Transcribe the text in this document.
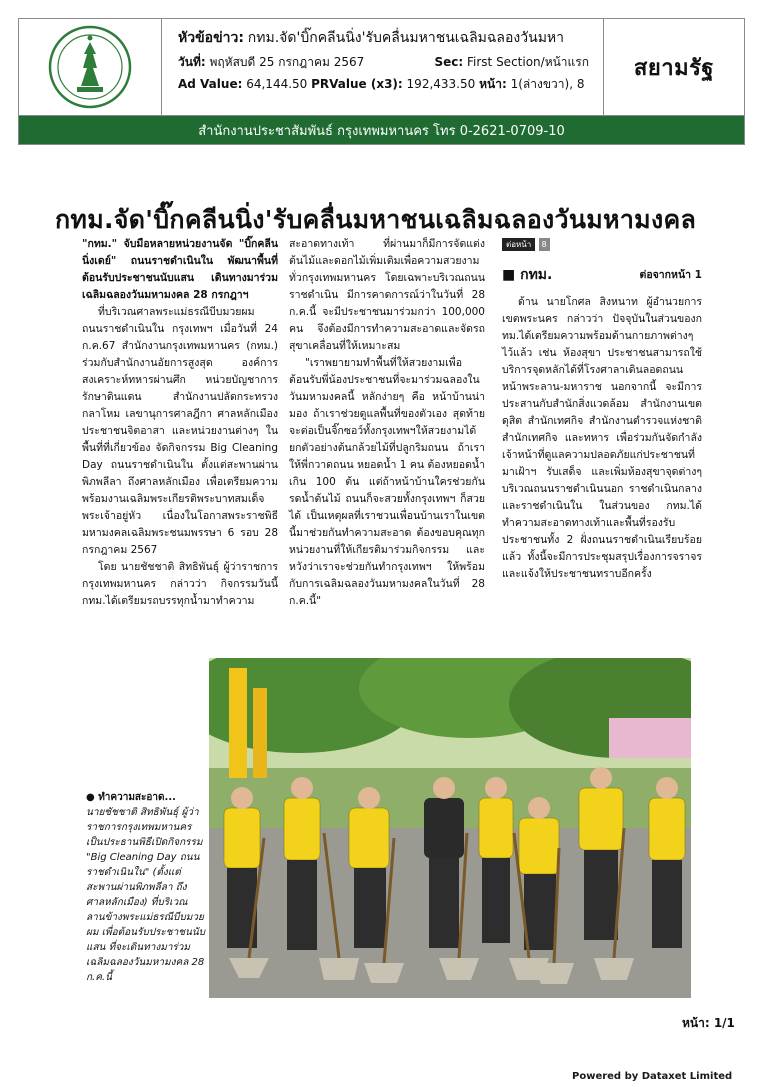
หัวข้อข่าว: กทม.จัด'บิ๊กคลีนนิ่ง'รับคลื่นมหาชนเฉลิมฉลองวันมหา
วันที่: พฤหัสบดี 25 กรกฎาคม 2567	Sec: First Section/หน้าแรก
Ad Value: 64,144.50 PRValue (x3): 192,433.50 หน้า: 1(ล่างขวา), 8
สยามรัฐ
สำนักงานประชาสัมพันธ์ กรุงเทพมหานคร โทร 0-2621-0709-10
กทม.จัด'บิ๊กคลีนนิ่ง'รับคลื่นมหาชนเฉลิมฉลองวันมหามงคล

"กทม." จับมือหลายหน่วยงานจัด "บิ๊กคลีนนิ่งเดย์" ถนนราชดำเนินใน พัฒนาพื้นที่ต้อนรับประชาชนนับแสน เดินทางมาร่วมเฉลิมฉลองวันมหามงคล 28 กรกฎาฯ

ที่บริเวณศาลพระแม่ธรณีบีบมวยผม ถนนราชดำเนินใน กรุงเทพฯ เมื่อวันที่ 24 ก.ค.67 สำนักงานกรุงเทพมหานคร (กทม.) ร่วมกับสำนักงานอัยการสูงสุด องค์การสงเคราะห์ทหารผ่านศึก หน่วยบัญชาการรักษาดินแดน สำนักงานปลัดกระทรวงกลาโหม เลขานุการศาลฎีกา ศาลหลักเมือง ประชาชนจิตอาสา และหน่วยงานต่างๆ ในพื้นที่ที่เกี่ยวข้อง จัดกิจกรรม Big Cleaning Day ถนนราชดำเนินใน ตั้งแต่สะพานผ่านพิภพลีลา ถึงศาลหลักเมือง เพื่อเตรียมความพร้อมงานเฉลิมพระเกียรติพระบาทสมเด็จพระเจ้าอยู่หัว เนื่องในโอกาสพระราชพิธีมหามงคลเฉลิมพระชนมพรรษา 6 รอบ 28 กรกฎาคม 2567

โดย นายชัชชาติ สิทธิพันธุ์ ผู้ว่าราชการกรุงเทพมหานคร กล่าวว่า กิจกรรมวันนี้ กทม.ได้เตรียมรถบรรทุกน้ำมาทำความ

สะอาดทางเท้า ที่ผ่านมาก็มีการจัดแต่งต้นไม้และดอกไม้เพิ่มเติมเพื่อความสวยงามทั่วกรุงเทพมหานคร โดยเฉพาะบริเวณถนนราชดำเนิน มีการคาดการณ์ว่าในวันที่ 28 ก.ค.นี้ จะมีประชาชนมาร่วมกว่า 100,000 คน จึงต้องมีการทำความสะอาดและจัดรถสุขาเคลื่อนที่ให้เหมาะสม

"เราพยายามทำพื้นที่ให้สวยงามเพื่อต้อนรับพี่น้องประชาชนที่จะมาร่วมฉลองในวันมหามงคลนี้ หลักง่ายๆ คือ หน้าบ้านน่ามอง ถ้าเราช่วยดูแลพื้นที่ของตัวเอง สุดท้ายจะต่อเป็นจิ๊กซอว์ทั้งกรุงเทพฯให้สวยงามได้ ยกตัวอย่างต้นกล้วยไม้ที่ปลูกริมถนน ถ้าเราให้พี่กวาดถนน หยอดน้ำ 1 คน ต้องหยอดน้ำเกิน 100 ต้น แต่ถ้าหน้าบ้านใครช่วยกันรดน้ำต้นไม้ ถนนก็จะสวยทั้งกรุงเทพฯ ก็สวยได้ เป็นเหตุผลที่เราชวนเพื่อนบ้านเราในเขตนี้มาช่วยกันทำความสะอาด ต้องขอบคุณทุกหน่วยงานที่ให้เกียรติมาร่วมกิจกรรม และหวังว่าเราจะช่วยกันทำกรุงเทพฯ ให้พร้อมกับการเฉลิมฉลองวันมหามงคลในวันที่ 28 ก.ค.นี้"

ต่อหน้า 8
■ กทม.	ต่อจากหน้า 1

ด้าน นายโกศล สิงหนาท ผู้อำนวยการเขตพระนคร กล่าวว่า ปัจจุบันในส่วนของกทม.ได้เตรียมความพร้อมด้านกายภาพต่างๆ ไว้แล้ว เช่น ห้องสุขา ประชาชนสามารถใช้บริการจุดหลักได้ที่โรงศาลาเดินลอดถนนหน้าพระลาน-มหาราช นอกจากนี้ จะมีการประสานกับสำนักสิ่งแวดล้อม สำนักงานเขตดุสิต สำนักเทศกิจ สำนักงานตำรวจแห่งชาติ สำนักเทศกิจ และทหาร เพื่อร่วมกันจัดกำลังเจ้าหน้าที่ดูแลความปลอดภัยแก่ประชาชนที่มาเฝ้าฯ รับเสด็จ และเพิ่มห้องสุขาจุดต่างๆ บริเวณถนนราชดำเนินนอก ราชดำเนินกลาง และราชดำเนินใน ในส่วนของ กทม.ได้ทำความสะอาดทางเท้าและพื้นที่รองรับประชาชนทั้ง 2 ฝั่งถนนราชดำเนินเรียบร้อยแล้ว ทั้งนี้จะมีการประชุมสรุปเรื่องการจราจรและแจ้งให้ประชาชนทราบอีกครั้ง

● ทำความสะอาด...
นายชัชชาติ สิทธิพันธุ์ ผู้ว่าราชการกรุงเทพมหานคร เป็นประธานพิธีเปิดกิจกรรม "Big Cleaning Day ถนนราชดำเนินใน" (ตั้งแต่สะพานผ่านพิภพลีลา ถึงศาลหลักเมือง) ที่บริเวณลานข้างพระแม่ธรณีบีบมวยผม เพื่อต้อนรับประชาชนนับแสน ที่จะเดินทางมาร่วมเฉลิมฉลองวันมหามงคล 28 ก.ค.นี้
หน้า: 1/1
Powered by Dataxet Limited
